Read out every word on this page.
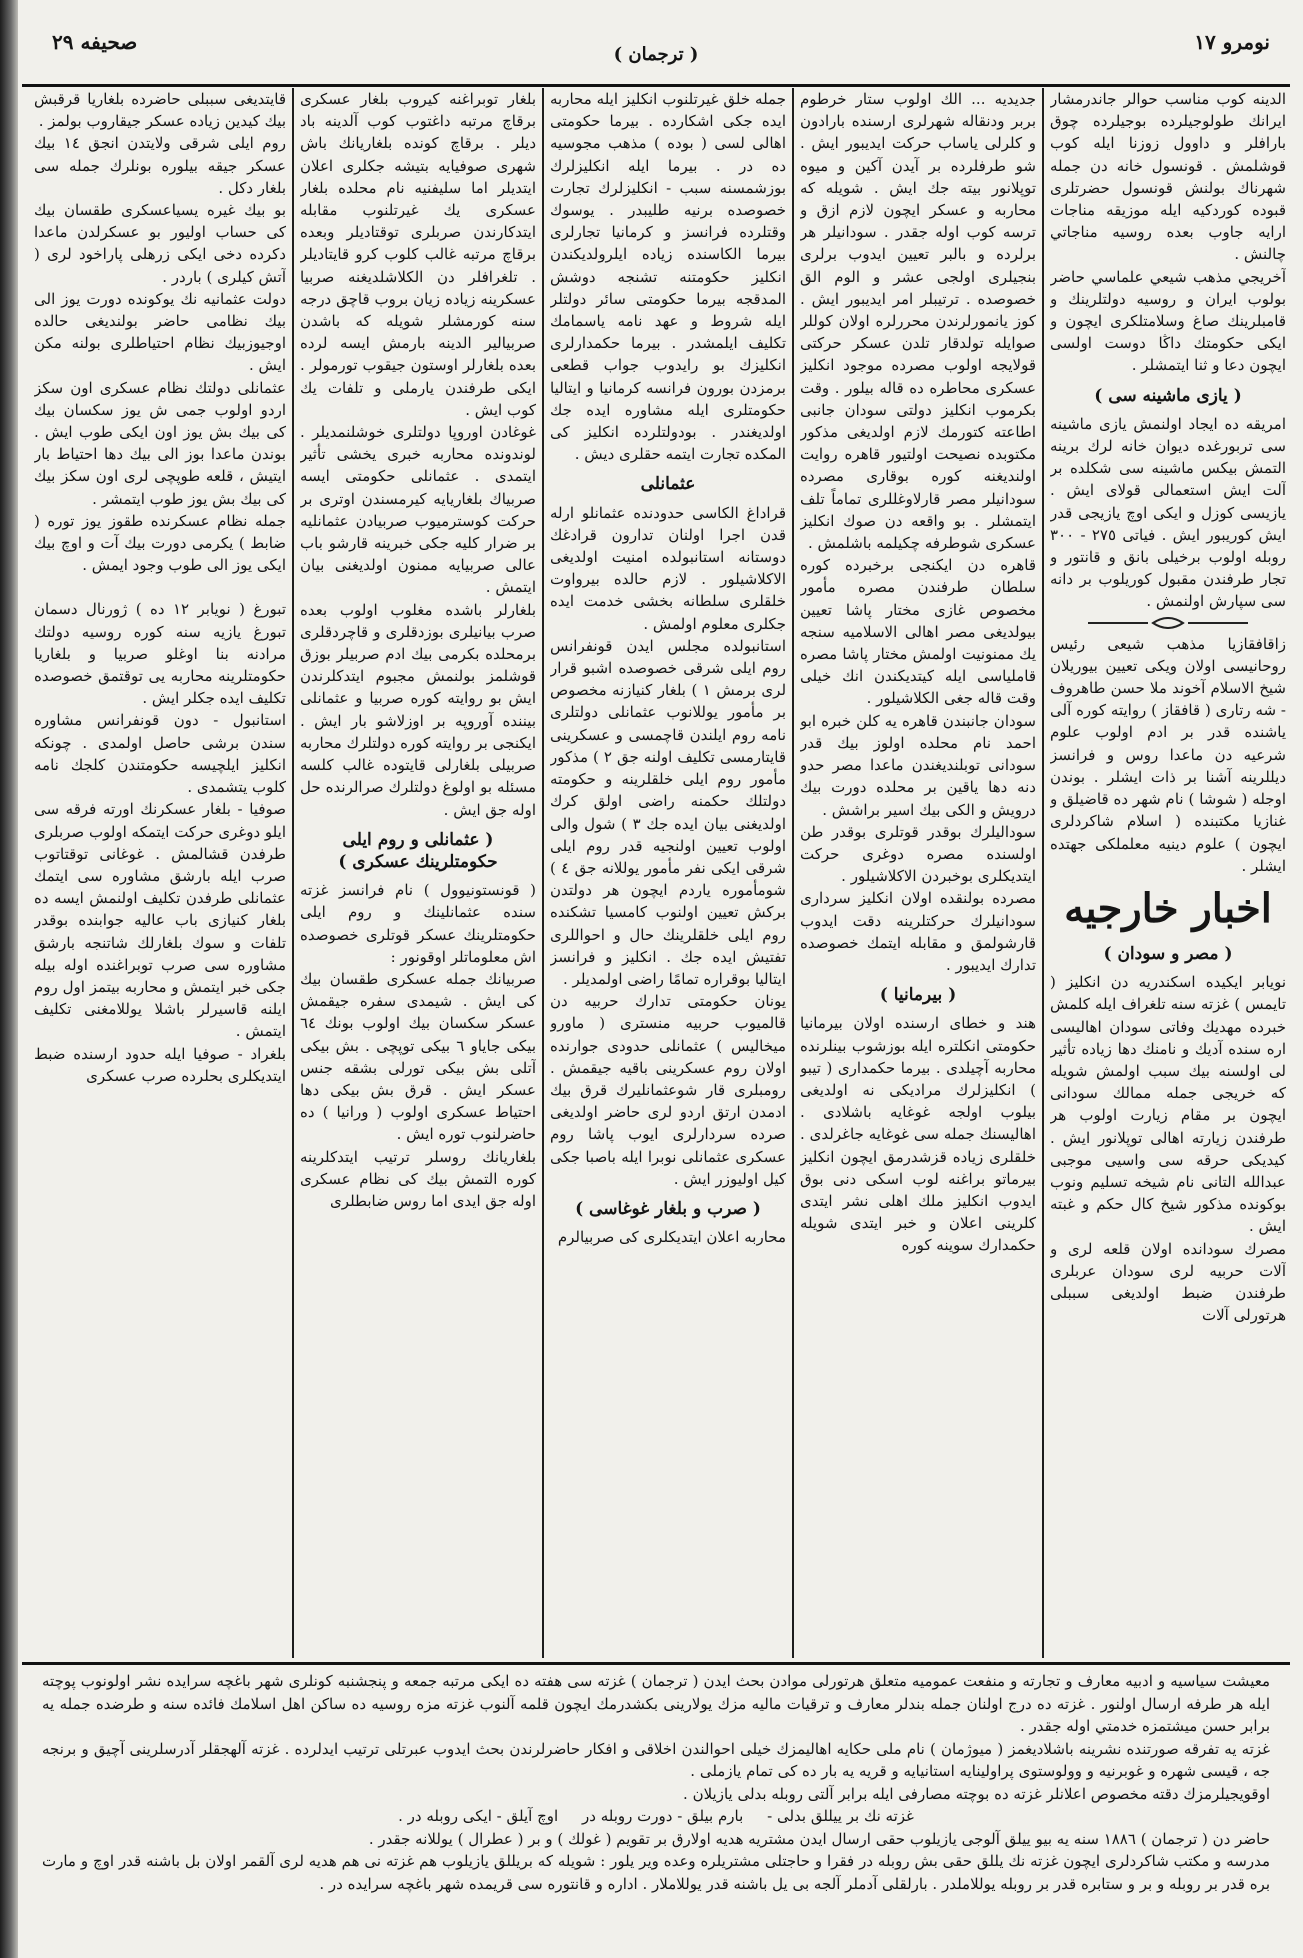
نومرو ١٧
( ترجمان )
صحيفه ٢٩

الدينه كوب مناسب حوالر جاندرمشار ايرانك طولوجيلرده بوجيلرده چوق بارافلر و داوول زوزنا ايله كوب قوشلمش . قونسول خانه دن جمله شهرناك بولنش قونسول حضرتلرى قبوده كوردكيه ايله موزيقه مناجات ارايه جاوب بعده روسيه مناجاتي چالنش .

آخريجي مذهب شيعي علماسي حاضر بولوب ايران و روسيه دولتلرينك و قامبلرينك صاغ وسلامتلكرى ايچون و ايكى حكومتك داڭا دوست اولسى ايچون دعا و ثنا ايتمشلر .

( يازى ماشينه سى )

امريقه ده ايجاد اولنمش يازى ماشينه سى تربورغده ديوان خانه لرك برينه التمش بيكس ماشينه سى شكلده بر آلت ايش استعمالى قولاى ايش . يازيسى كوزل و ايكى اوچ يازيجى قدر ايش كوريبور ايش . فياتى ٢٧٥ - ٣٠٠ روبله اولوب برخيلى بانق و قانتور و تجار طرفندن مقبول كوريلوب بر دانه سى سپارش اولنمش .

زاقافقازيا مذهب شيعى رئيس روحانيسى اولان ويكى تعيين بيوريلان شيخ الاسلام آخوند ملا حسن طاهروف - شه رتارى ( قافقاز ) روايته كوره آلى ياشنده قدر بر ادم اولوب علوم شرعيه دن ماعدا روس و فرانسز ديللرينه آشنا بر ذات ايشلر . بوندن اوجله ( شوشا ) نام شهر ده قاضيلق و غنازيا مكتبنده ( اسلام شاكردلرى ايچون ) علوم دينيه معلملكى جهتده ايشلر .

اخبار خارجيه
( مصر و سودان )

نويابر ايكيده اسكندريه دن انكليز ( تايمس ) غزته سنه تلغراف ايله كلمش خبرده مهديك وفاتى سودان اهاليسى اره سنده آديك و نامنك دها زياده تأثير لى اولسنه بيك سبب اولمش شويله كه خريجى جمله ممالك سودانى ايچون بر مقام زيارت اولوب هر طرفندن زيارته اهالى توپلانور ايش . كيديكى حرقه سى واسيى موجبى عبدالله التانى نام شيخه تسليم ونوب بوكونده مذكور شيخ كال حكم و غبته ايش .

مصرك سودانده اولان قلعه لرى و آلات حربيه لرى سودان عربلرى طرفندن ضبط اولديغى سببلى هرتورلى آلات

جديديه ... الك اولوب ستار خرطوم بربر ودنقاله شهرلرى ارسنده بارادون و كلرلى ياساب حركت ايديبور ايش . شو طرفلرده بر آيدن آكين و ميوه توپلانور بيته جك ايش . شويله كه محاربه و عسكر ايچون لازم ازق و ترسه كوب اوله جقدر . سودانيلر هر برلرده و بالبر تعيين ايدوب برلرى بنجيلرى اولجى عشر و الوم الق خصوصده . ترتيبلر امر ايديبور ايش . كوز يانمورلرندن محررلره اولان كوللر صوايله تولدقار تلدن عسكر حركتى قولايجه اولوب مصرده موجود انكليز عسكرى محاطره ده قاله بيلور . وقت بكرموب انكليز دولتى سودان جانبى اطاعته كتورمك لازم اولديغى مذكور مكتوبده نصيحت اولتيور قاهره روايت اولنديغنه كوره بوقارى مصرده سودانيلر مصر قارلاوغللرى تماماً تلف ايتمشلر . بو واقعه دن صوك انكليز عسكرى شوطرفه چكيلمه باشلمش .

قاهره دن ايكنجى برخبرده كوره سلطان طرفندن مصره مأمور مخصوص غازى مختار پاشا تعيين بيولديغى مصر اهالى الاسلاميه سنجه يك ممنونيت اولمش مختار پاشا مصره قاملياسى ايله كيتديكندن انك خيلى وقت قاله جغى الكلاشيلور .

سودان جانبندن قاهره يه كلن خبره ابو احمد نام محلده اولوز بيك قدر سودانى توبلنديغندن ماعدا مصر حدو دنه دها ياقين بر محلده دورت بيك درويش و الكى بيك اسير براشش .

سوداليلرك بوقدر قوتلرى بوقدر طن اولسنده مصره دوغرى حركت ايتديكلرى بوخبردن الاكلاشيلور .

مصرده بولنقده اولان انكليز سردارى سودانيلرك حركتلرينه دقت ايدوب قارشولمق و مقابله ايتمك خصوصده تدارك ايديبور .

( بيرمانيا )

هند و خطاى ارسنده اولان بيرمانيا حكومتى انكلتره ايله بوزشوب بينلرنده محاربه آچيلدى . بيرما حكمدارى ( تيبو ) انكليزلرك مراديكى نه اولديغى بيلوب اولجه غوغايه باشلادى . اهاليسنك جمله سى غوغايه جاغرلدى . خلقلرى زياده قزشدرمق ايچون انكليز بيرماتو براغنه لوب اسكى دنى بوق ايدوب انكليز ملك اهلى نشر ايتدى كلرينى اعلان و خبر ايتدى شويله حكمدارك سوينه كوره

جمله خلق غيرتلنوب انكليز ايله محاربه ايده جكى اشكارده . بيرما حكومتى اهالى لسى ( بوده ) مذهب مجوسيه ده در . بيرما ايله انكليزلرك بوزشمسنه سبب - انكليزلرك تجارت خصوصده برنيه طليبدر . يوسوك وقتلرده فرانسز و كرمانيا تجارلرى بيرما الكاسنده زياده ايلرولديكندن انكليز حكومتنه تشنجه دوشش المدقجه بيرما حكومتى سائر دولتلر ايله شروط و عهد نامه ياسمامك تكليف ايلمشدر . بيرما حكمدارلرى انكليزك بو رايدوب جواب قطعى برمزدن بورون فرانسه كرمانيا و ايتاليا حكومتلرى ايله مشاوره ايده جك اولديغندر . بودولتلرده انكليز كى المكده تجارت ايتمه حقلرى ديش .

عثمانلى

قراداغ الكاسى حدودنده عثمانلو ارله قدن اجرا اولنان تدارون قرادغك دوستانه استانبولده امنيت اولديغى الاكلاشيلور . لازم حالده بيرواوت خلقلرى سلطانه بخشى خدمت ايده جكلرى معلوم اولمش .

استانبولده مجلس ايدن قونفرانس روم ايلى شرقى خصوصده اشبو قرار لرى برمش ١ ) بلغار كنيازنه مخصوص بر مأمور يوللانوب عثمانلى دولتلرى نامه روم ايلندن قاچمسى و عسكرينى قايتارمسى تكليف اولنه جق ٢ ) مذكور مأمور روم ايلى خلقلرينه و حكومته دولتلك حكمنه راضى اولق كرك اولديغنى بيان ايده جك ٣ ) شول والى اولوب تعيين اولنجيه قدر روم ايلى شرقى ايكى نفر مأمور يوللانه جق ٤ ) شومأموره ياردم ايچون هر دولتدن بركش تعيين اولنوب كامسيا تشكنده روم ايلى خلقلرينك حال و احواللرى تفتيش ايده جك . انكليز و فرانسز ايتاليا بوقراره تمامًا راضى اولمديلر .

يونان حكومتى تدارك حربيه دن قالميوب حربيه منسترى ( ماورو ميخاليس ) عثمانلى حدودى جوارنده اولان روم عسكرينى باقيه جيقمش . رومبلرى قار شوعثمانليرك قرق بيك ادمدن ارتق اردو لرى حاضر اولديغى صرده سردارلرى ايوب پاشا روم عسكرى عثمانلى نوبرا ايله باصبا جكى كيل اوليوزر ايش .

( صرب و بلغار غوغاسى )

محاربه اعلان ايتديكلرى كى صربيالرم

بلغار توبراغنه كيروب بلغار عسكرى برقاچ مرتبه داغتوب كوب آلدينه باد ديلر . برقاچ كونده بلغاريانك باش شهرى صوفيايه بتيشه جكلرى اعلان ايتديلر اما سليفنيه نام محلده بلغار عسكرى يك غيرتلنوب مقابله ايتدكارندن صربلرى توقتاديلر وبعده برقاچ مرتبه غالب كلوب كرو قايتاديلر . تلغرافلر دن الكلاشلديغنه صربيا عسكرينه زياده زيان بروب قاچق درجه سنه كورمشلر شويله كه باشدن صربيالير الدينه بارمش ايسه لرده بعده بلغارلر اوستون جيقوب تورمولر . ايكى طرفندن يارملى و تلفات يك كوب ايش .

غوغادن اوروپا دولتلرى خوشلنمديلر . لوندونده محاربه خبرى يخشى تأثير ايتمدى . عثمانلى حكومتى ايسه صربياك بلغاريايه كيرمسندن اوترى بر حركت كوسترميوب صربيادن عثمانليه بر ضرار كليه جكى خبرينه قارشو باب عالى صربيايه ممنون اولديغنى بيان ايتمش .

بلغارلر باشده مغلوب اولوب بعده صرب بيانيلرى بوزدقلرى و قاچردقلرى برمحلده بكرمى بيك ادم صربيلر بوزق قوشلمز بولنمش مجبوم ايتدكلرندن ايش بو روايته كوره صربيا و عثمانلى بيننده آوروپه بر اوزلاشو بار ايش . ايكنجى بر روايته كوره دولتلرك محاربه صربيلى بلغارلى قايتوده غالب كلسه مسئله بو اولوغ دولتلرك صرالرنده حل اوله جق ايش .

( عثمانلى و روم ايلى حكومتلرينك عسكرى )

( قونستونيوول ) نام فرانسز غزته سنده عثمانلينك و روم ايلى حكومتلرينك عسكر قوتلرى خصوصده اش معلوماتلر اوقونور :

صربيانك جمله عسكرى طقسان بيك كى ايش . شيمدى سفره جيقمش عسكر سكسان بيك اولوب بونك ٦٤ بيكى جاياو ٦ بيكى توپچى . بش بيكى آتلى بش بيكى تورلى بشقه جنس عسكر ايش . قرق بش بيكى دها احتياط عسكرى اولوب ( ورانيا ) ده حاضرلنوب توره ايش .

بلغاريانك روسلر ترتيب ايتدكلرينه كوره التمش بيك كى نظام عسكرى اوله جق ايدى اما روس ضابطلرى

قايتديغى سببلى حاضرده بلغاريا قرقبش بيك كيدين زياده عسكر جيقاروب بولمز .

روم ايلى شرقى ولايتدن انجق ١٤ بيك عسكر جيقه بيلوره بونلرك جمله سى بلغار دكل .

بو بيك غيره يسياعسكرى طقسان بيك كى حساب اوليور بو عسكرلدن ماعدا دكرده دخى ايكى زرهلى پاراخود لرى ( آتش كيلرى ) باردر .

دولت عثمانيه نك يوكونده دورت يوز الى بيك نظامى حاضر بولنديغى حالده اوجيوزبيك نظام احتياطلرى بولنه مكن ايش .

عثمانلى دولتك نظام عسكرى اون سكز اردو اولوب جمى ش يوز سكسان بيك كى بيك بش يوز اون ايكى طوب ايش . بوندن ماعدا بوز الى بيك دها احتياط بار ايتيش ، قلعه طوپچى لرى اون سكز بيك كى بيك بش يوز طوب ايتمشر .

جمله نظام عسكرنده طقوز يوز توره ( ضابط ) يكرمى دورت بيك آت و اوچ بيك ايكى يوز الى طوب وجود ايمش .

تبورغ ( نويابر ١٢ ده ) ژورنال دسمان تبورغ يازيه سنه كوره روسيه دولتك مرادنه بنا اوغلو صربيا و بلغاريا حكومتلرينه محاربه يى توقتمق خصوصده تكليف ايده جكلر ايش .

استانبول - دون قونفرانس مشاوره سندن برشى حاصل اولمدى . چونكه انكليز ايلچيسه حكومتندن كلجك نامه كلوب يتشمدى .

صوفيا - بلغار عسكرنك اورته فرقه سى ايلو دوغرى حركت ايتمكه اولوب صربلرى طرفدن قشالمش . غوغانى توقتاتوب صرب ايله بارشق مشاوره سى ايتمك عثمانلى طرفدن تكليف اولنمش ايسه ده بلغار كنيازى باب عاليه جوابنده بوقدر تلفات و سوك بلغارلك شاتنجه بارشق مشاوره سى صرب توبراغنده اوله بيله جكى خبر ايتمش و محاربه بيتمز اول روم ايلنه قاسيرلر باشلا يوللامغنى تكليف ايتمش .

بلغراد - صوفيا ايله حدود ارسنده ضبط ايتديكلرى بحلرده صرب عسكرى

معيشت سياسيه و ادبيه معارف و تجارته و منفعت عموميه متعلق هرتورلى موادن بحث ايدن ( ترجمان ) غزته سى هفته ده ايكى مرتبه جمعه و پنجشنبه كونلرى شهر باغچه سرايده نشر اولونوب پوچته ايله هر طرفه ارسال اولنور . غزته ده درج اولنان جمله بندلر معارف و ترقيات ماليه مزك يولارينى بكشدرمك ايچون قلمه آلنوب غزته مزه روسيه ده ساكن اهل اسلامك فائده سنه و طرضده جمله يه برابر حسن ميشتمزه خدمتي اوله جقدر .

غزته يه تفرقه صورتنده نشرينه باشلاديغمز ( ميوژمان ) نام ملى حكايه اهاليمزك خيلى احوالندن اخلاقى و افكار حاضرلرندن بحث ايدوب عبرتلى ترتيب ايدلرده . غزته آلهجقلر آدرسلرينى آچيق و برنجه جه ، قيسى شهره و غوبرنيه و وولوستوى پراولينايه استانيايه و قريه يه بار ده كى تمام يازملى .

اوقويجيلرمزك دقته مخصوص اعلانلر غزته ده بوچته مصارفى ايله برابر آلتى روبله بدلى يازيلان .

غزته نك بر ييللق بدلى -     بارم بيلق - دورت روبله در     اوچ آيلق - ايكى روبله در .

حاضر دن ( ترجمان ) ١٨٨٦ سنه يه بيو ييلق آلوجى يازيلوب حقى ارسال ايدن مشتريه هديه اولارق بر تقويم ( غولك ) و بر ( عطرال ) يوللانه جقدر .

مدرسه و مكتب شاكردلرى ايچون غزته نك يللق حقى بش روبله در فقرا و حاجتلى مشتريلره وعده وير يلور : شويله كه بريللق يازيلوب هم غزته نى هم هديه لرى آلقمر اولان بل باشنه قدر اوچ و مارت بره قدر بر روبله و بر و ستابره قدر بر روبله يوللاملدر . بارلقلى آدملر آلجه بى يل باشنه قدر يوللاملار . اداره و قانتوره سى قريمده شهر باغچه سرايده در .
